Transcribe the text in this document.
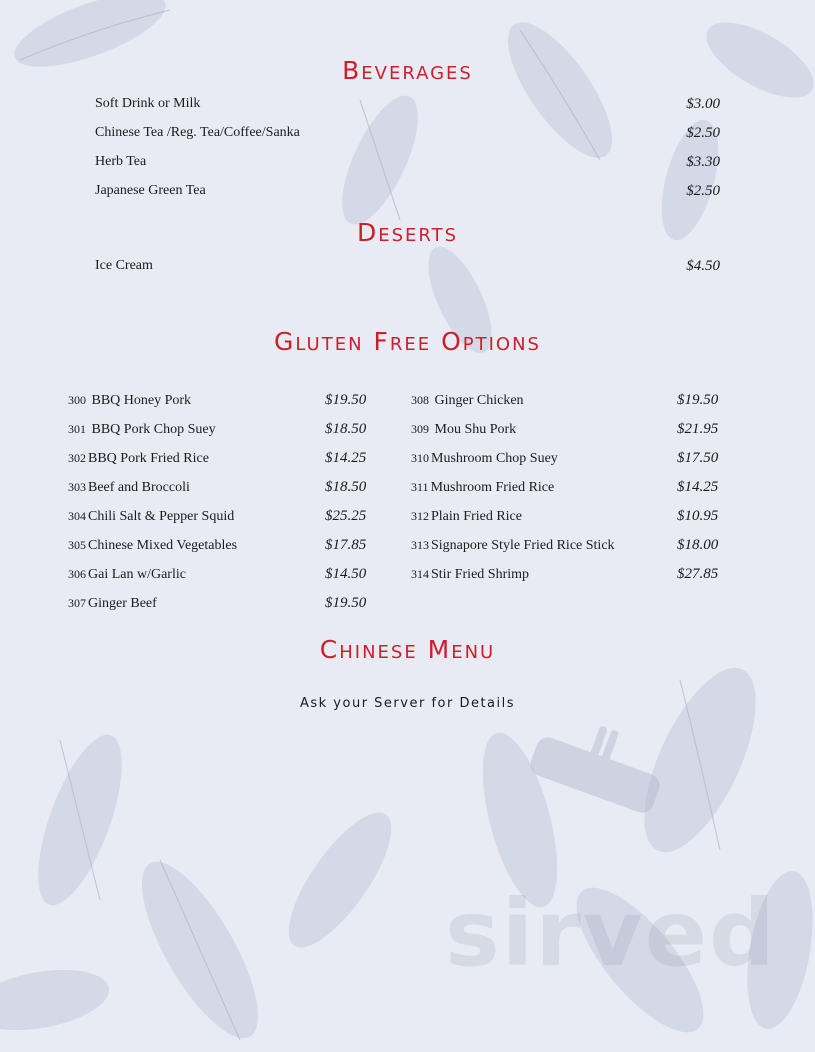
sirved
Beverages
Soft Drink or Milk	$3.00
Chinese Tea /Reg. Tea/Coffee/Sanka	$2.50
Herb Tea	$3.30
Japanese Green Tea	$2.50
Deserts
Ice Cream	$4.50
Gluten Free Options
300 BBQ Honey Pork	$19.50
301 BBQ Pork Chop Suey	$18.50
302 BBQ Pork Fried Rice	$14.25
303 Beef and Broccoli	$18.50
304 Chili Salt & Pepper Squid	$25.25
305 Chinese Mixed Vegetables	$17.85
306 Gai Lan w/Garlic	$14.50
307 Ginger Beef	$19.50
308 Ginger Chicken	$19.50
309 Mou Shu Pork	$21.95
310 Mushroom Chop Suey	$17.50
311 Mushroom Fried Rice	$14.25
312 Plain Fried Rice	$10.95
313 Signapore Style Fried Rice Stick	$18.00
314 Stir Fried Shrimp	$27.85
Chinese Menu
Ask your Server for Details
